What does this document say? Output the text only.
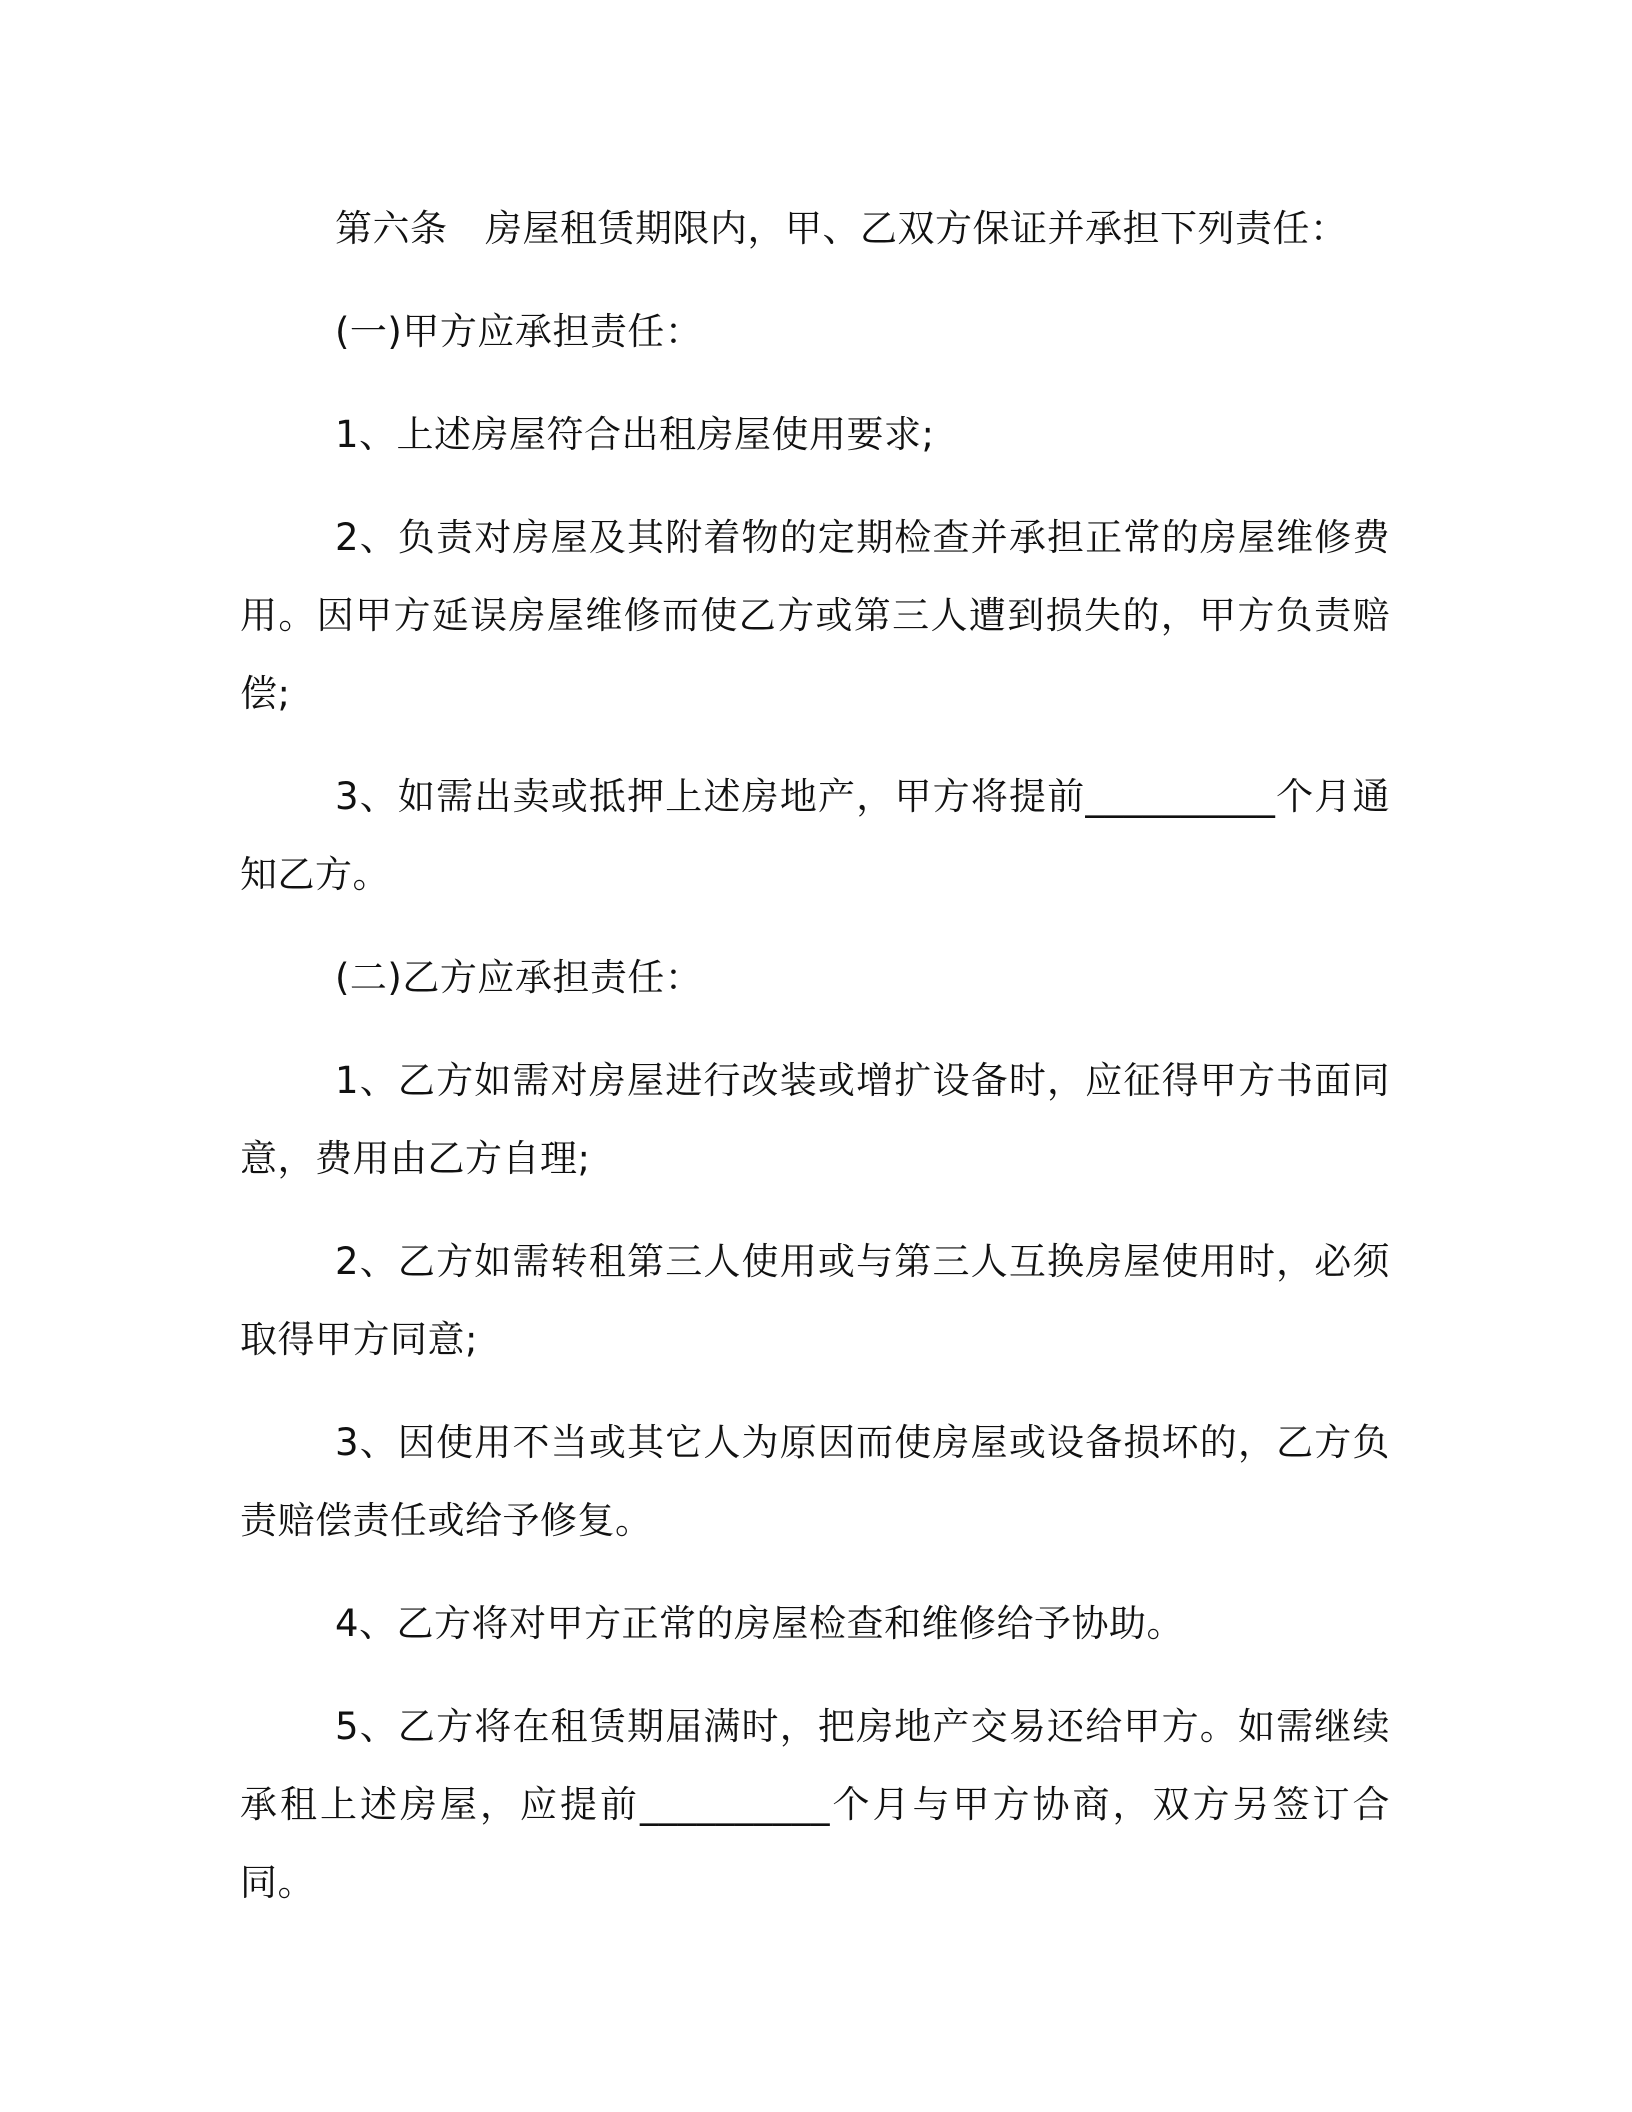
第六条　房屋租赁期限内，甲、乙双方保证并承担下列责任：

(一)甲方应承担责任：

1、上述房屋符合出租房屋使用要求;

2、负责对房屋及其附着物的定期检查并承担正常的房屋维修费用。因甲方延误房屋维修而使乙方或第三人遭到损失的，甲方负责赔偿;

3、如需出卖或抵押上述房地产，甲方将提前__________个月通知乙方。

(二)乙方应承担责任：

1、乙方如需对房屋进行改装或增扩设备时，应征得甲方书面同意，费用由乙方自理;

2、乙方如需转租第三人使用或与第三人互换房屋使用时，必须取得甲方同意;

3、因使用不当或其它人为原因而使房屋或设备损坏的，乙方负责赔偿责任或给予修复。

4、乙方将对甲方正常的房屋检查和维修给予协助。

5、乙方将在租赁期届满时，把房地产交易还给甲方。如需继续承租上述房屋，应提前__________个月与甲方协商，双方另签订合同。
